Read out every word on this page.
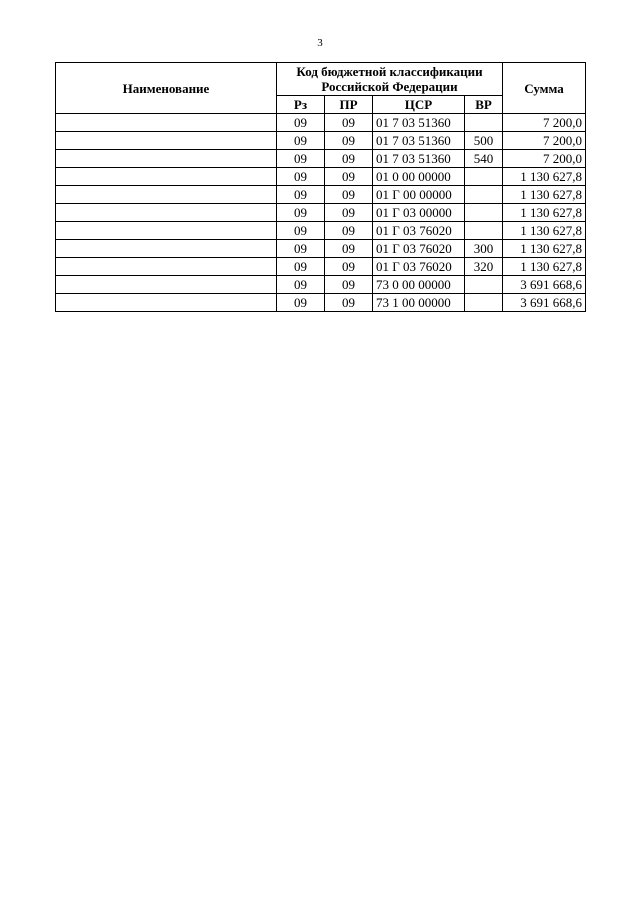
3
Наименование	Код бюджетной классификации Российской Федерации				Сумма
	Рз	ПР	ЦСР	ВР	
	09	09	01 7 03 51360		7 200,0
	09	09	01 7 03 51360	500	7 200,0
	09	09	01 7 03 51360	540	7 200,0
	09	09	01 0 00 00000		1 130 627,8
	09	09	01 Г 00 00000		1 130 627,8
	09	09	01 Г 03 00000		1 130 627,8
	09	09	01 Г 03 76020		1 130 627,8
	09	09	01 Г 03 76020	300	1 130 627,8
	09	09	01 Г 03 76020	320	1 130 627,8
	09	09	73 0 00 00000		3 691 668,6
	09	09	73 1 00 00000		3 691 668,6
